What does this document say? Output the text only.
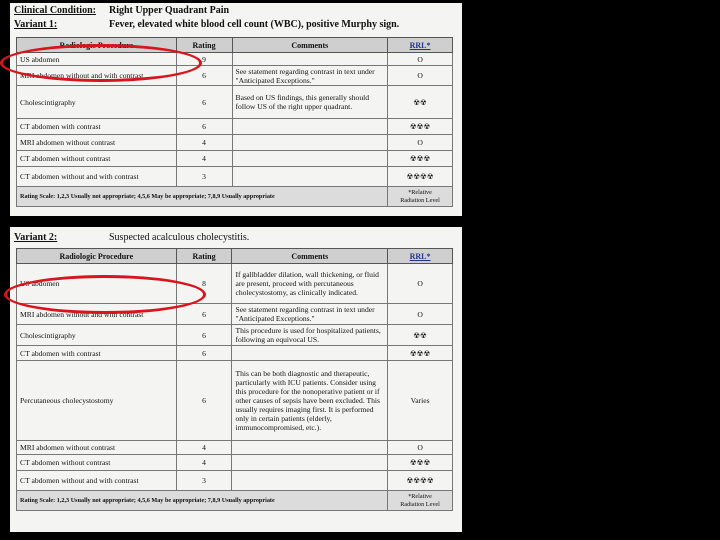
Clinical Condition: Right Upper Quadrant Pain
Variant 1:	Fever, elevated white blood cell count (WBC), positive Murphy sign.
Radiologic Procedure	Rating	Comments	RRL*
US abdomen	9		O
MRI abdomen without and with contrast	6	See statement regarding contrast in text under "Anticipated Exceptions."	O
Cholescintigraphy	6	Based on US findings, this generally should follow US of the right upper quadrant.	☢☢
CT abdomen with contrast	6		☢☢☢
MRI abdomen without contrast	4		O
CT abdomen without contrast	4		☢☢☢
CT abdomen without and with contrast	3		☢☢☢☢
Rating Scale: 1,2,3 Usually not appropriate; 4,5,6 May be appropriate; 7,8,9 Usually appropriate			*Relative
Radiation Level
Variant 2:	Suspected acalculous cholecystitis.
Radiologic Procedure	Rating	Comments	RRL*
US abdomen	8	If gallbladder dilation, wall thickening, or fluid are present, proceed with percutaneous cholecystostomy, as clinically indicated.	O
MRI abdomen without and with contrast	6	See statement regarding contrast in text under "Anticipated Exceptions."	O
Cholescintigraphy	6	This procedure is used for hospitalized patients, following an equivocal US.	☢☢
CT abdomen with contrast	6		☢☢☢
Percutaneous cholecystostomy	6	This can be both diagnostic and therapeutic, particularly with ICU patients. Consider using this procedure for the nonoperative patient or if other causes of sepsis have been excluded. This usually requires imaging first. It is performed only in certain patients (elderly, immunocompromised, etc.).	Varies
MRI abdomen without contrast	4		O
CT abdomen without contrast	4		☢☢☢
CT abdomen without and with contrast	3		☢☢☢☢
Rating Scale: 1,2,3 Usually not appropriate; 4,5,6 May be appropriate; 7,8,9 Usually appropriate			*Relative
Radiation Level
